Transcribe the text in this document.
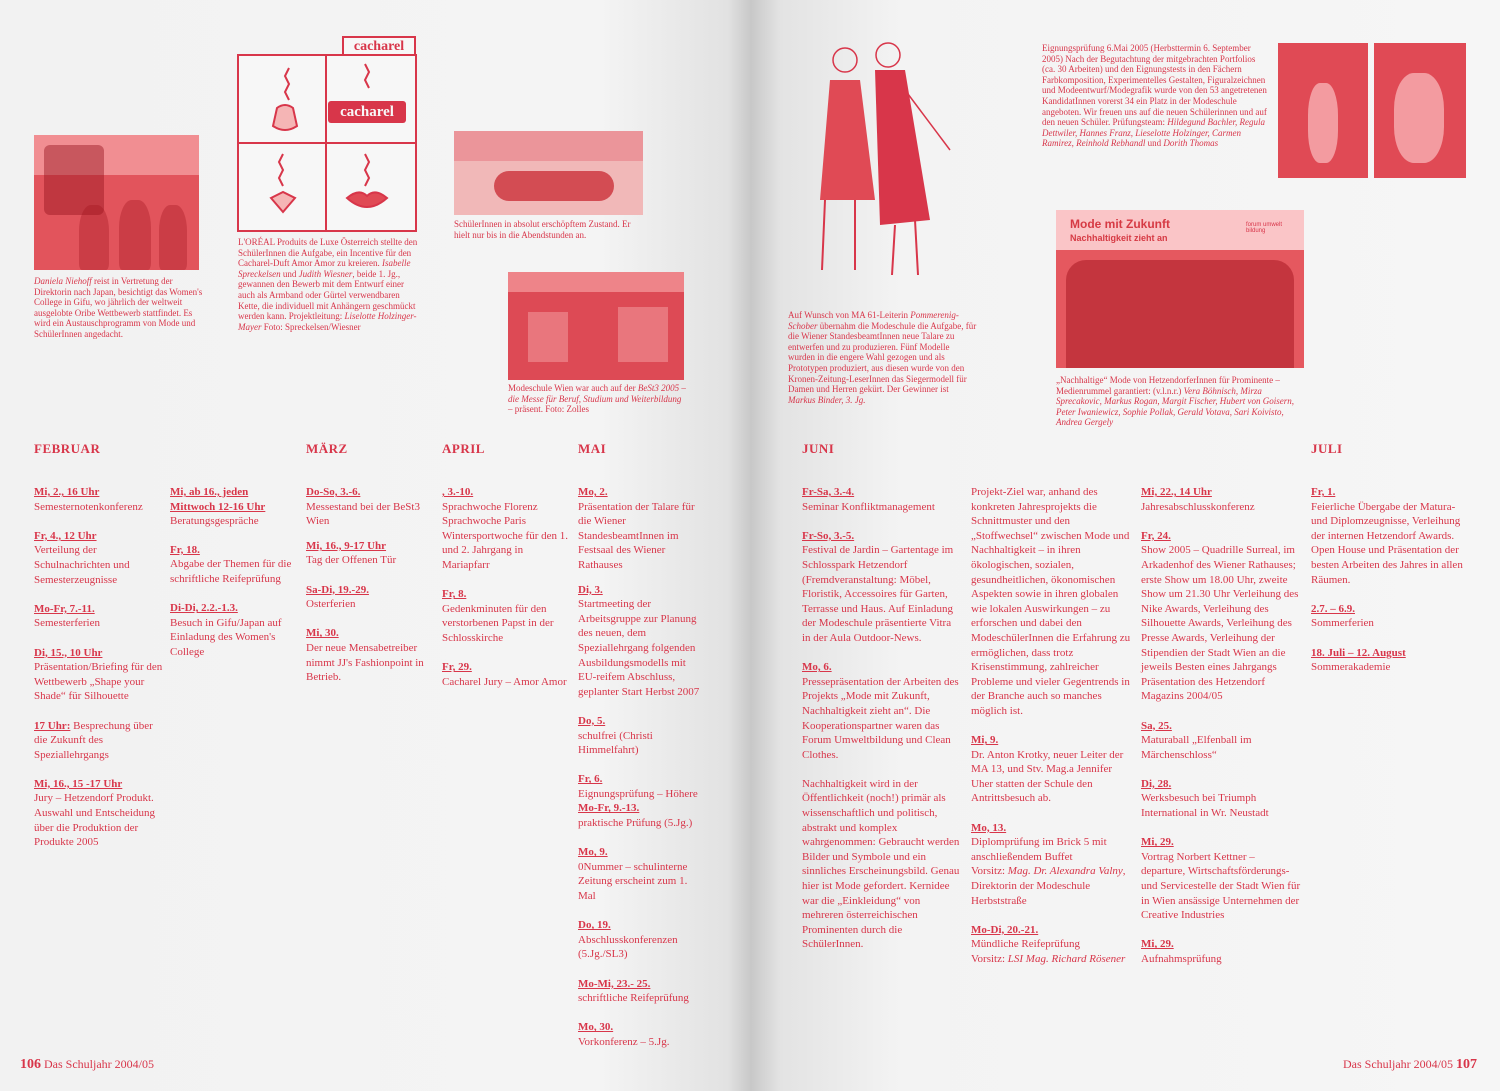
Daniela Niehoff reist in Vertretung der Direktorin nach Japan, besichtigt das Women's College in Gifu, wo jährlich der weltweit ausgelobte Oribe Wettbewerb stattfindet. Es wird ein Austauschprogramm von Mode und SchülerInnen angedacht.
cacharel
cacharel
L'ORÉAL Produits de Luxe Österreich stellte den SchülerInnen die Aufgabe, ein Incentive für den Cacharel-Duft Amor Amor zu kreieren. Isabelle Spreckelsen und Judith Wiesner, beide 1. Jg., gewannen den Bewerb mit dem Entwurf einer auch als Armband oder Gürtel verwendbaren Kette, die individuell mit Anhängern geschmückt werden kann. Projektleitung: Liselotte Holzinger-Mayer Foto: Spreckelsen/Wiesner
SchülerInnen in absolut erschöpftem Zustand. Er hielt nur bis in die Abendstunden an.
Modeschule Wien war auch auf der BeSt3 2005 – die Messe für Beruf, Studium und Weiterbildung – präsent. Foto: Zolles
Auf Wunsch von MA 61-Leiterin Pommerenig-Schober übernahm die Modeschule die Aufgabe, für die Wiener StandesbeamtInnen neue Talare zu entwerfen und zu produzieren. Fünf Modelle wurden in die engere Wahl gezogen und als Prototypen produziert, aus diesen wurde von den Kronen-Zeitung-LeserInnen das Siegermodell für Damen und Herren gekürt. Der Gewinner ist Markus Binder, 3. Jg.
Eignungsprüfung 6.Mai 2005 (Herbsttermin 6. September 2005) Nach der Begutachtung der mitgebrachten Portfolios (ca. 30 Arbeiten) und den Eignungstests in den Fächern Farbkomposition, Experimentelles Gestalten, Figuralzeichnen und Modeentwurf/Modegrafik wurde von den 53 angetretenen KandidatInnen vorerst 34 ein Platz in der Modeschule angeboten. Wir freuen uns auf die neuen Schülerinnen und auf den neuen Schüler. Prüfungsteam: Hildegund Bachler, Regula Dettwiler, Hannes Franz, Lieselotte Holzinger, Carmen Ramirez, Reinhold Rebhandl und Dorith Thomas
Mode mit Zukunft
Nachhaltigkeit zieht an
forum umwelt bildung
„Nachhaltige“ Mode von HetzendorferInnen für Prominente – Medienrummel garantiert: (v.l.n.r.) Vera Böhnisch, Mirza Sprecakovic, Markus Rogan, Margit Fischer, Hubert von Goisern, Peter Iwaniewicz, Sophie Pollak, Gerald Votava, Sari Koivisto, Andrea Gergely
FEBRUAR	MÄRZ	APRIL	MAI	JUNI	JULI
Mi, 2., 16 Uhr
Semesternotenkonferenz
Fr, 4., 12 Uhr
Verteilung der Schulnachrichten und Semesterzeugnisse
Mo-Fr, 7.-11.
Semesterferien
Di, 15., 10 Uhr
Präsentation/Briefing für den Wettbewerb „Shape your Shade“ für Silhouette
17 Uhr: Besprechung über die Zukunft des Speziallehrgangs
Mi, 16., 15 -17 Uhr
Jury – Hetzendorf Produkt. Auswahl und Entscheidung über die Produktion der Produkte 2005
Mi, ab 16., jeden Mittwoch 12-16 Uhr Beratungsgespräche
Fr, 18.
Abgabe der Themen für die schriftliche Reifeprüfung
Di-Di, 2.2.-1.3.
Besuch in Gifu/Japan auf Einladung des Women's College
Do-So, 3.-6.
Messestand bei der BeSt3 Wien
Mi, 16., 9-17 Uhr
Tag der Offenen Tür
Sa-Di, 19.-29.
Osterferien
Mi, 30.
Der neue Mensabetreiber nimmt JJ's Fashionpoint in Betrieb.
, 3.-10.
Sprachwoche Florenz Sprachwoche Paris Wintersportwoche für den 1. und 2. Jahrgang in Mariapfarr
Fr, 8.
Gedenkminuten für den verstorbenen Papst in der Schlosskirche
Fr, 29.
Cacharel Jury – Amor Amor
Mo, 2.
Präsentation der Talare für die Wiener StandesbeamtInnen im Festsaal des Wiener Rathauses
Di, 3.
Startmeeting der Arbeitsgruppe zur Planung des neuen, dem Speziallehrgang folgenden Ausbildungsmodells mit EU-reifem Abschluss, geplanter Start Herbst 2007
Do, 5.
schulfrei (Christi Himmelfahrt)
Fr, 6.
Eignungsprüfung – Höhere
Mo-Fr, 9.-13.
praktische Prüfung (5.Jg.)
Mo, 9.
0Nummer – schulinterne Zeitung erscheint zum 1. Mal
Do, 19.
Abschlusskonferenzen (5.Jg./SL3)
Mo-Mi, 23.- 25.
schriftliche Reifeprüfung
Mo, 30.
Vorkonferenz – 5.Jg.
Fr-Sa, 3.-4.
Seminar Konfliktmanagement
Fr-So, 3.-5.
Festival de Jardin – Gartentage im Schlosspark Hetzendorf (Fremdveranstaltung: Möbel, Floristik, Accessoires für Garten, Terrasse und Haus. Auf Einladung der Modeschule präsentierte Vitra in der Aula Outdoor-News.
Mo, 6.
Pressepräsentation der Arbeiten des Projekts „Mode mit Zukunft, Nachhaltigkeit zieht an“. Die Kooperationspartner waren das Forum Umweltbildung und Clean Clothes.
Nachhaltigkeit wird in der Öffentlichkeit (noch!) primär als wissenschaftlich und politisch, abstrakt und komplex wahrgenommen: Gebraucht werden Bilder und Symbole und ein sinnliches Erscheinungsbild. Genau hier ist Mode gefordert. Kernidee war die „Einkleidung“ von mehreren österreichischen Prominenten durch die SchülerInnen.
Projekt-Ziel war, anhand des konkreten Jahresprojekts die Schnittmuster und den „Stoffwechsel“ zwischen Mode und Nachhaltigkeit – in ihren ökologischen, sozialen, gesundheitlichen, ökonomischen Aspekten sowie in ihren globalen wie lokalen Auswirkungen – zu erforschen und dabei den ModeschülerInnen die Erfahrung zu ermöglichen, dass trotz Krisenstimmung, zahlreicher Probleme und vieler Gegentrends in der Branche auch so manches möglich ist.
Mi, 9.
Dr. Anton Krotky, neuer Leiter der MA 13, und Stv. Mag.a Jennifer Uher statten der Schule den Antrittsbesuch ab.
Mo, 13.
Diplomprüfung im Brick 5 mit anschließendem Buffet
Vorsitz: Mag. Dr. Alexandra Valny, Direktorin der Modeschule Herbststraße
Mo-Di, 20.-21.
Mündliche Reifeprüfung
Vorsitz: LSI Mag. Richard Rösener
Mi, 22., 14 Uhr
Jahresabschlusskonferenz
Fr, 24.
Show 2005 – Quadrille Surreal, im Arkadenhof des Wiener Rathauses; erste Show um 18.00 Uhr, zweite Show um 21.30 Uhr Verleihung des Nike Awards, Verleihung des Silhouette Awards, Verleihung des Presse Awards, Verleihung der Stipendien der Stadt Wien an die jeweils Besten eines Jahrgangs Präsentation des Hetzendorf Magazins 2004/05
Sa, 25.
Maturaball „Elfenball im Märchenschloss“
Di, 28.
Werksbesuch bei Triumph International in Wr. Neustadt
Mi, 29.
Vortrag Norbert Kettner – departure, Wirtschaftsförderungs- und Servicestelle der Stadt Wien für in Wien ansässige Unternehmen der Creative Industries
Mi, 29.
Aufnahmsprüfung
Fr, 1.
Feierliche Übergabe der Matura- und Diplomzeugnisse, Verleihung der internen Hetzendorf Awards. Open House und Präsentation der besten Arbeiten des Jahres in allen Räumen.
2.7. – 6.9.
Sommerferien
18. Juli – 12. August
Sommerakademie
106 Das Schuljahr 2004/05	Das Schuljahr 2004/05 107
